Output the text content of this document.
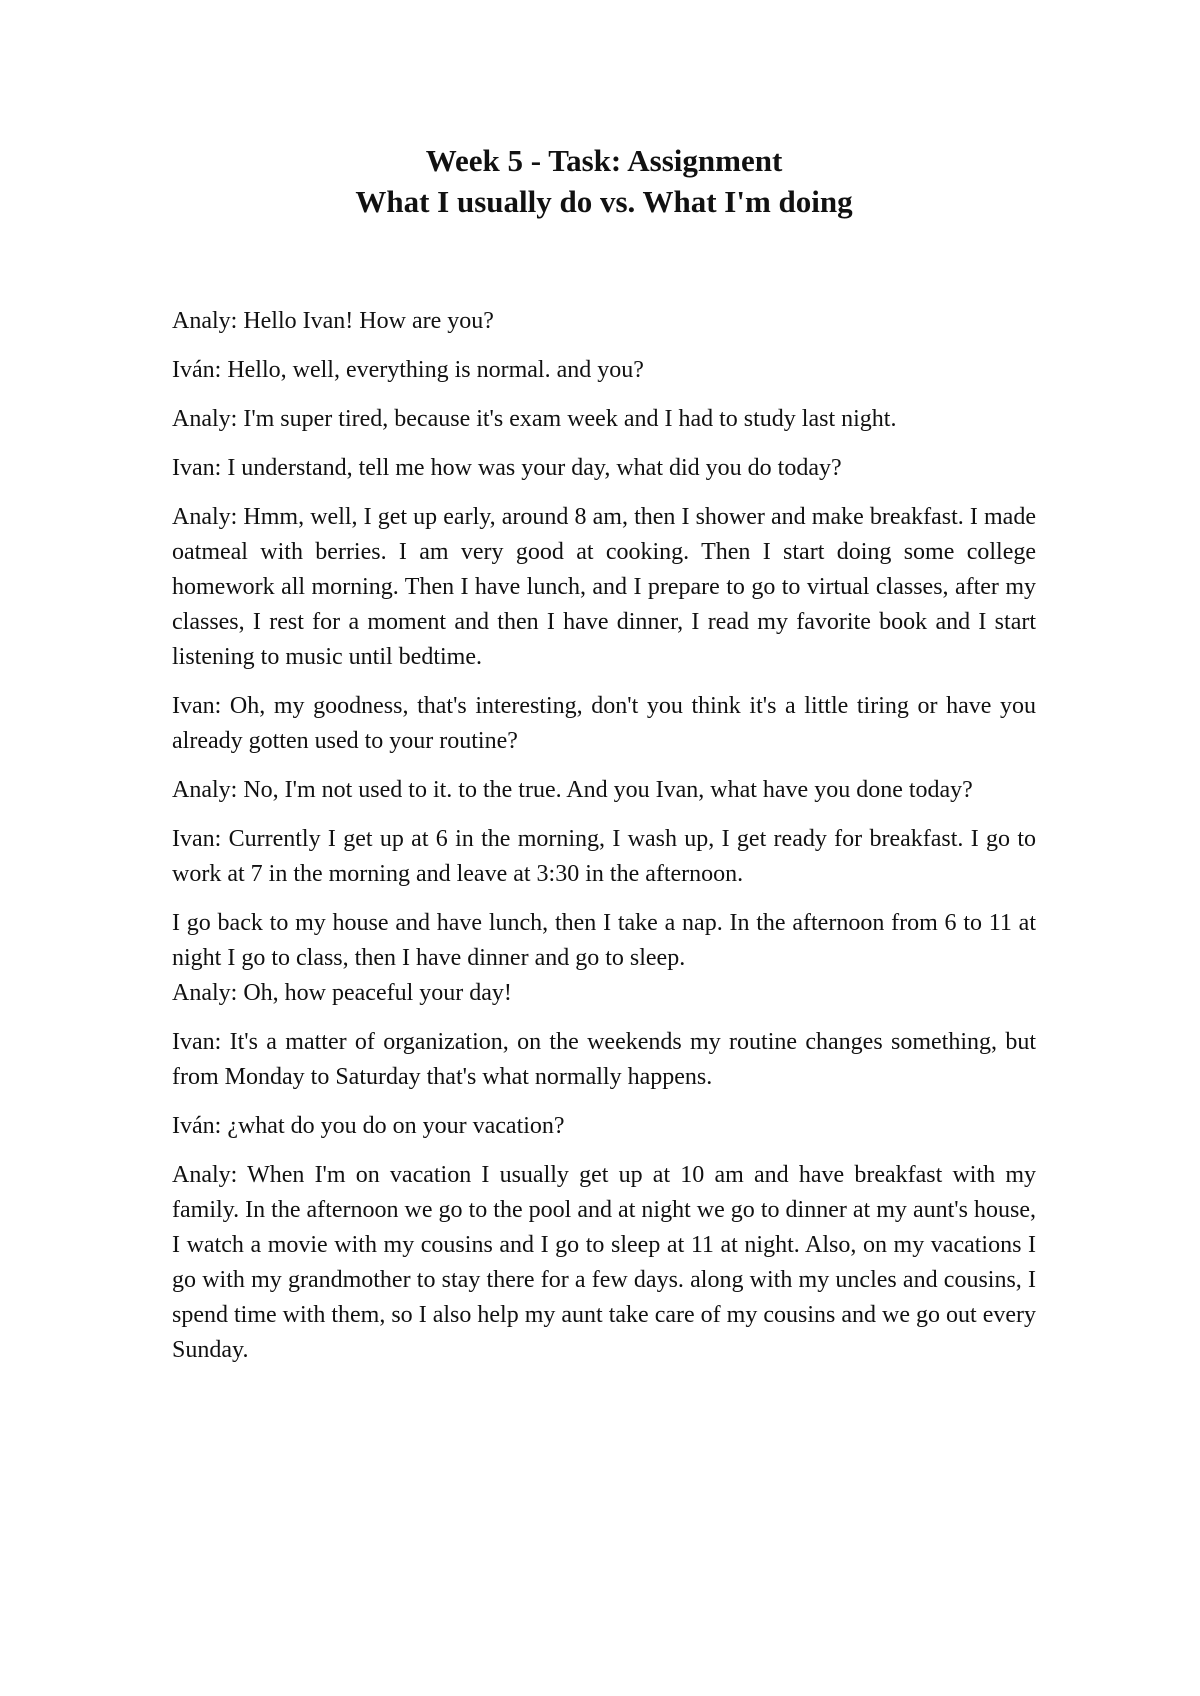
Week 5 - Task: Assignment
What I usually do vs. What I'm doing

Analy: Hello Ivan! How are you?

Iván: Hello, well, everything is normal. and you?

Analy: I'm super tired, because it's exam week and I had to study last night.

Ivan: I understand, tell me how was your day, what did you do today?

Analy: Hmm, well, I get up early, around 8 am, then I shower and make breakfast. I made oatmeal with berries. I am very good at cooking. Then I start doing some college homework all morning. Then I have lunch, and I prepare to go to virtual classes, after my classes, I rest for a moment and then I have dinner, I read my favorite book and I start listening to music until bedtime.

Ivan: Oh, my goodness, that's interesting, don't you think it's a little tiring or have you already gotten used to your routine?

Analy: No, I'm not used to it. to the true. And you Ivan, what have you done today?

Ivan: Currently I get up at 6 in the morning, I wash up, I get ready for breakfast. I go to work at 7 in the morning and leave at 3:30 in the afternoon.

I go back to my house and have lunch, then I take a nap. In the afternoon from 6 to 11 at night I go to class, then I have dinner and go to sleep.

Analy: Oh, how peaceful your day!

Ivan: It's a matter of organization, on the weekends my routine changes something, but from Monday to Saturday that's what normally happens.

Iván: ¿what do you do on your vacation?

Analy: When I'm on vacation I usually get up at 10 am and have breakfast with my family. In the afternoon we go to the pool and at night we go to dinner at my aunt's house, I watch a movie with my cousins and I go to sleep at 11 at night. Also, on my vacations I go with my grandmother to stay there for a few days. along with my uncles and cousins, I spend time with them, so I also help my aunt take care of my cousins and we go out every Sunday.
